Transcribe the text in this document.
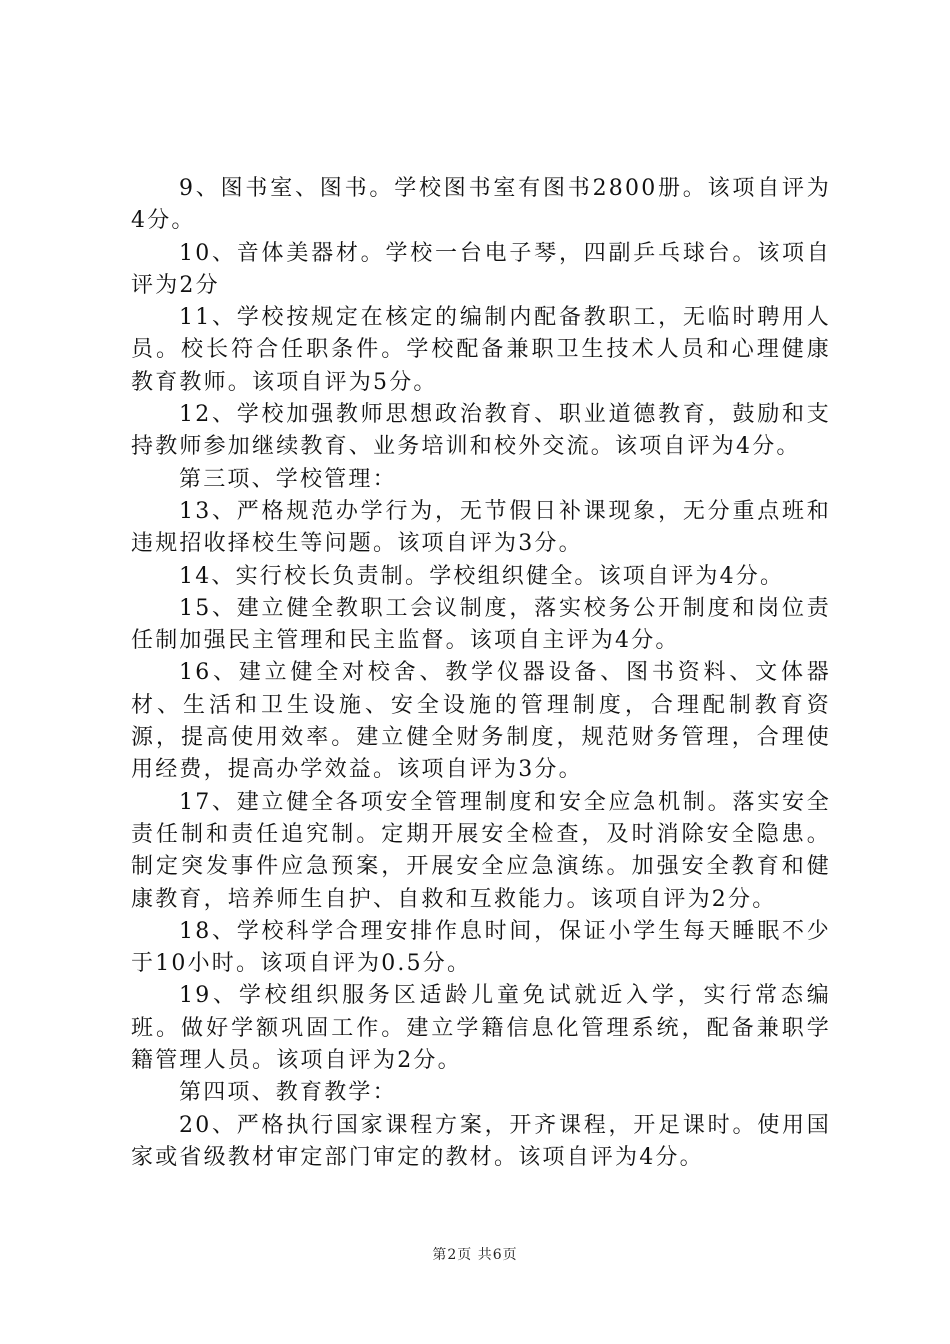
9、图书室、图书。学校图书室有图书2800册。该项自评为4分。

10、音体美器材。学校一台电子琴，四副乒乓球台。该项自评为2分

11、学校按规定在核定的编制内配备教职工，无临时聘用人员。校长符合任职条件。学校配备兼职卫生技术人员和心理健康教育教师。该项自评为5分。

12、学校加强教师思想政治教育、职业道德教育，鼓励和支持教师参加继续教育、业务培训和校外交流。该项自评为4分。

第三项、学校管理：

13、严格规范办学行为，无节假日补课现象，无分重点班和违规招收择校生等问题。该项自评为3分。

14、实行校长负责制。学校组织健全。该项自评为4分。

15、建立健全教职工会议制度，落实校务公开制度和岗位责任制加强民主管理和民主监督。该项自主评为4分。

16、建立健全对校舍、教学仪器设备、图书资料、文体器材、生活和卫生设施、安全设施的管理制度，合理配制教育资源，提高使用效率。建立健全财务制度，规范财务管理，合理使用经费，提高办学效益。该项自评为3分。

17、建立健全各项安全管理制度和安全应急机制。落实安全责任制和责任追究制。定期开展安全检查，及时消除安全隐患。制定突发事件应急预案，开展安全应急演练。加强安全教育和健康教育，培养师生自护、自救和互救能力。该项自评为2分。

18、学校科学合理安排作息时间，保证小学生每天睡眠不少于10小时。该项自评为0.5分。

19、学校组织服务区适龄儿童免试就近入学，实行常态编班。做好学额巩固工作。建立学籍信息化管理系统，配备兼职学籍管理人员。该项自评为2分。

第四项、教育教学：

20、严格执行国家课程方案，开齐课程，开足课时。使用国家或省级教材审定部门审定的教材。该项自评为4分。

第2页 共6页
